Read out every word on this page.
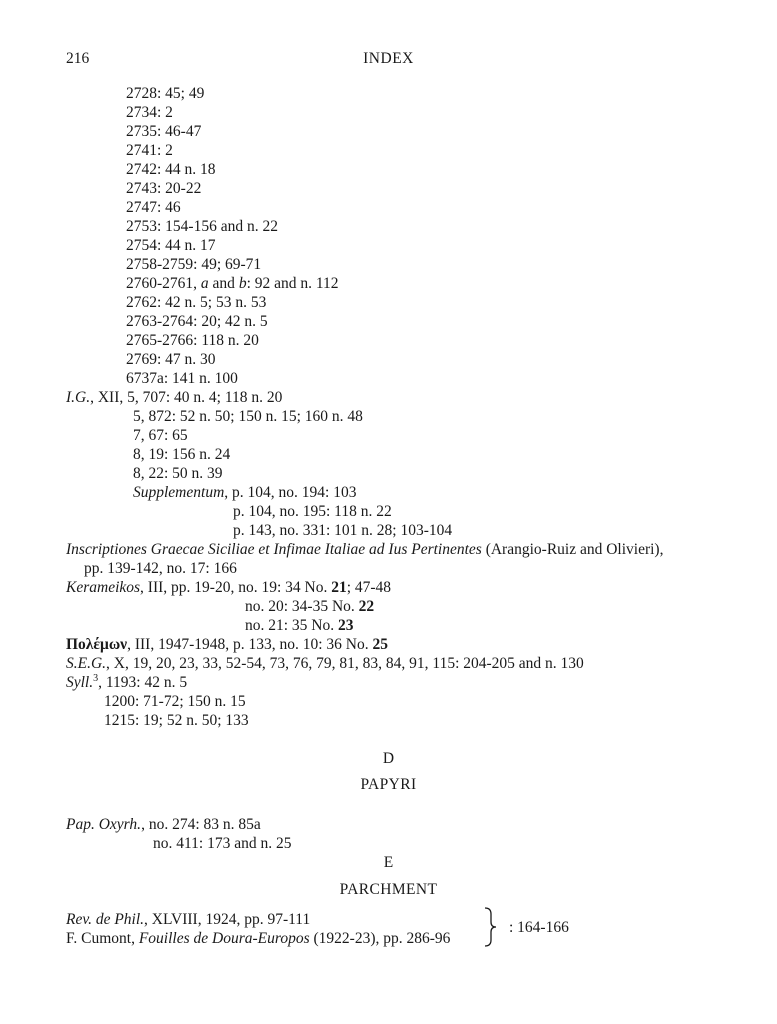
216	INDEX
2728: 45; 49
2734: 2
2735: 46-47
2741: 2
2742: 44 n. 18
2743: 20-22
2747: 46
2753: 154-156 and n. 22
2754: 44 n. 17
2758-2759: 49; 69-71
2760-2761, a and b: 92 and n. 112
2762: 42 n. 5; 53 n. 53
2763-2764: 20; 42 n. 5
2765-2766: 118 n. 20
2769: 47 n. 30
6737a: 141 n. 100
I.G., XII, 5, 707: 40 n. 4; 118 n. 20
5, 872: 52 n. 50; 150 n. 15; 160 n. 48
7, 67: 65
8, 19: 156 n. 24
8, 22: 50 n. 39
Supplementum, p. 104, no. 194: 103
p. 104, no. 195: 118 n. 22
p. 143, no. 331: 101 n. 28; 103-104
Inscriptiones Graecae Siciliae et Infimae Italiae ad Ius Pertinentes (Arangio-Ruiz and Olivieri),
pp. 139-142, no. 17: 166
Kerameikos, III, pp. 19-20, no. 19: 34 No. 21; 47-48
no. 20: 34-35 No. 22
no. 21: 35 No. 23
Πολέμων, III, 1947-1948, p. 133, no. 10: 36 No. 25
S.E.G., X, 19, 20, 23, 33, 52-54, 73, 76, 79, 81, 83, 84, 91, 115: 204-205 and n. 130
Syll.$^3$, 1193: 42 n. 5
1200: 71-72; 150 n. 15
1215: 19; 52 n. 50; 133
Pap. Oxyrh., no. 274: 83 n. 85a
no. 411: 173 and n. 25
Rev. de Phil., XLVIII, 1924, pp. 97-111
F. Cumont, Fouilles de Doura-Europos (1922-23), pp. 286-96
: 164-166
D
PAPYRI
E
PARCHMENT
